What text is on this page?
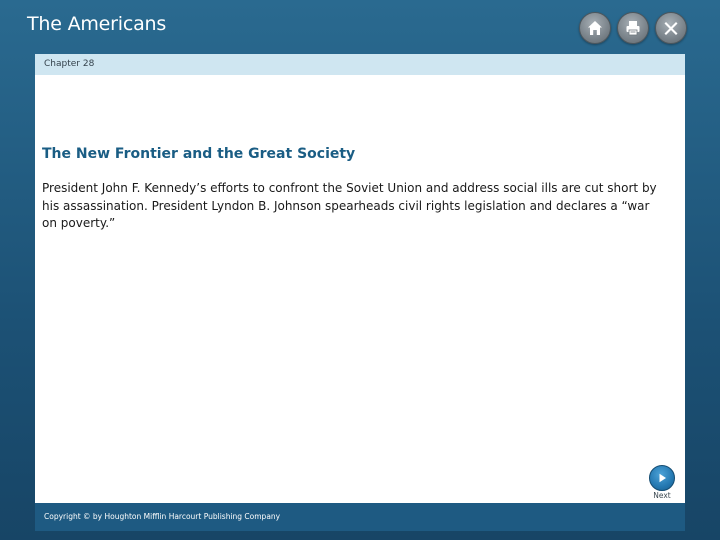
The Americans
Chapter 28
The New Frontier and the Great Society
President John F. Kennedy’s efforts to confront the Soviet Union and address social ills are cut short by his assassination. President Lyndon B. Johnson spearheads civil rights legislation and declares a “war on poverty.”
Next
Copyright © by Houghton Mifflin Harcourt Publishing Company
